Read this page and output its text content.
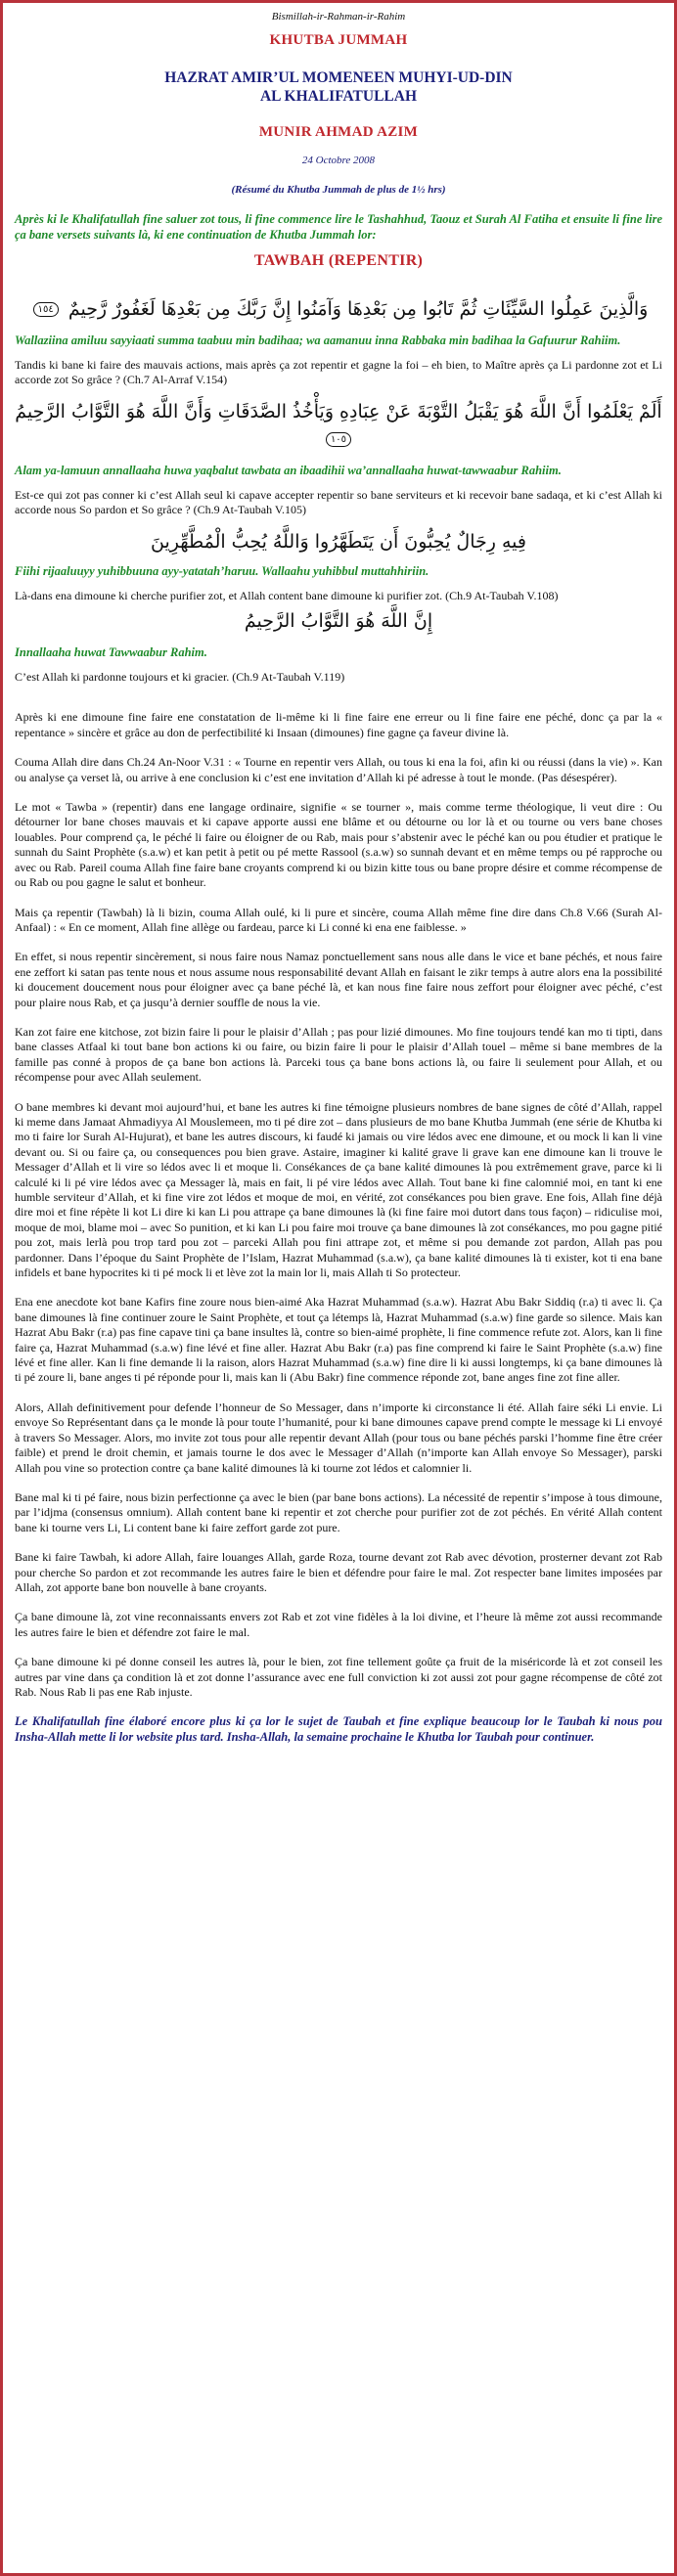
Bismillah-ir-Rahman-ir-Rahim
KHUTBA JUMMAH
HAZRAT AMIR’UL MOMENEEN MUHYI-UD-DIN
AL KHALIFATULLAH
MUNIR AHMAD AZIM
24 Octobre 2008
(Résumé du Khutba Jummah de plus de 1½ hrs)
Après ki le Khalifatullah fine saluer zot tous, li fine commence lire le Tashahhud, Taouz et Surah Al Fatiha et ensuite li fine lire ça bane versets suivants là, ki ene continuation de Khutba Jummah lor:
TAWBAH (REPENTIR)
وَالَّذِينَ عَمِلُوا السَّيِّئَاتِ ثُمَّ تَابُوا مِن بَعْدِهَا وَآمَنُوا إِنَّ رَبَّكَ مِن بَعْدِهَا لَغَفُورٌ رَّحِيمٌ ١٥٤
Wallaziina amiluu sayyiaati summa taabuu min badihaa; wa aamanuu inna Rabbaka min badihaa la Gafuurur Rahiim.

Tandis ki bane ki faire des mauvais actions, mais après ça zot repentir et gagne la foi – eh bien, to Maître après ça Li pardonne zot et Li accorde zot So grâce ? (Ch.7 Al-Arraf V.154)

أَلَمْ يَعْلَمُوا أَنَّ اللَّهَ هُوَ يَقْبَلُ التَّوْبَةَ عَنْ عِبَادِهِ وَيَأْخُذُ الصَّدَقَاتِ وَأَنَّ اللَّهَ هُوَ التَّوَّابُ الرَّحِيمُ ١٠٥
Alam ya-lamuun annallaaha huwa yaqbalut tawbata an ibaadihii wa’annallaaha huwat-tawwaabur Rahiim.

Est-ce qui zot pas conner ki c’est Allah seul ki capave accepter repentir so bane serviteurs et ki recevoir bane sadaqa, et ki c’est Allah ki accorde nous So pardon et So grâce ? (Ch.9 At-Taubah V.105)

فِيهِ رِجَالٌ يُحِبُّونَ أَن يَتَطَهَّرُوا وَاللَّهُ يُحِبُّ الْمُطَّهِّرِينَ
Fiihi rijaaluuyy yuhibbuuna ayy-yatatah’haruu. Wallaahu yuhibbul muttahhiriin.

Là-dans ena dimoune ki cherche purifier zot, et Allah content bane dimoune ki purifier zot. (Ch.9 At-Taubah V.108)

إِنَّ اللَّهَ هُوَ التَّوَّابُ الرَّحِيمُ
Innallaaha huwat Tawwaabur Rahim.

C’est Allah ki pardonne toujours et ki gracier. (Ch.9 At-Taubah V.119)

Après ki ene dimoune fine faire ene constatation de li-même ki li fine faire ene erreur ou li fine faire ene péché, donc ça par la « repentance » sincère et grâce au don de perfectibilité ki Insaan (dimounes) fine gagne ça faveur divine là.

Couma Allah dire dans Ch.24 An-Noor V.31 : « Tourne en repentir vers Allah, ou tous ki ena la foi, afin ki ou réussi (dans la vie) ». Kan ou analyse ça verset là, ou arrive à ene conclusion ki c’est ene invitation d’Allah ki pé adresse à tout le monde. (Pas désespérer).

Le mot « Tawba » (repentir) dans ene langage ordinaire, signifie « se tourner », mais comme terme théologique, li veut dire : Ou détourner lor bane choses mauvais et ki capave apporte aussi ene blâme et ou détourne ou lor là et ou tourne ou vers bane choses louables. Pour comprend ça, le péché li faire ou éloigner de ou Rab, mais pour s’abstenir avec le péché kan ou pou étudier et pratique le sunnah du Saint Prophète (s.a.w) et kan petit à petit ou pé mette Rassool (s.a.w) so sunnah devant et en même temps ou pé rapproche ou avec ou Rab. Pareil couma Allah fine faire bane croyants comprend ki ou bizin kitte tous ou bane propre désire et comme récompense de ou Rab ou pou gagne le salut et bonheur.

Mais ça repentir (Tawbah) là li bizin, couma Allah oulé, ki li pure et sincère, couma Allah même fine dire dans Ch.8 V.66 (Surah Al-Anfaal) : « En ce moment, Allah fine allège ou fardeau, parce ki Li conné ki ena ene faiblesse. »

En effet, si nous repentir sincèrement, si nous faire nous Namaz ponctuellement sans nous alle dans le vice et bane péchés, et nous faire ene zeffort ki satan pas tente nous et nous assume nous responsabilité devant Allah en faisant le zikr temps à autre alors ena la possibilité ki doucement doucement nous pour éloigner avec ça bane péché là, et kan nous fine faire nous zeffort pour éloigner avec péché, c’est pour plaire nous Rab, et ça jusqu’à dernier souffle de nous la vie.

Kan zot faire ene kitchose, zot bizin faire li pour le plaisir d’Allah ; pas pour lizié dimounes. Mo fine toujours tendé kan mo ti tipti, dans bane classes Atfaal ki tout bane bon actions ki ou faire, ou bizin faire li pour le plaisir d’Allah touel – même si bane membres de la famille pas conné à propos de ça bane bon actions là. Parceki tous ça bane bons actions là, ou faire li seulement pour Allah, et ou récompense pour avec Allah seulement.

O bane membres ki devant moi aujourd’hui, et bane les autres ki fine témoigne plusieurs nombres de bane signes de côté d’Allah, rappel ki meme dans Jamaat Ahmadiyya Al Mouslemeen, mo ti pé dire zot – dans plusieurs de mo bane Khutba Jummah (ene série de Khutba ki mo ti faire lor Surah Al-Hujurat), et bane les autres discours, ki faudé ki jamais ou vire lédos avec ene dimoune, et ou mock li kan li vine devant ou. Si ou faire ça, ou consequences pou bien grave. Astaire, imaginer ki kalité grave li grave kan ene dimoune kan li trouve le Messager d’Allah et li vire so lédos avec li et moque li. Consékances de ça bane kalité dimounes là pou extrêmement grave, parce ki li calculé ki li pé vire lédos avec ça Messager là, mais en fait, li pé vire lédos avec Allah. Tout bane ki fine calomnié moi, en tant ki ene humble serviteur d’Allah, et ki fine vire zot lédos et moque de moi, en vérité, zot consékances pou bien grave. Ene fois, Allah fine déjà dire moi et fine répète li kot Li dire ki kan Li pou attrape ça bane dimounes là (ki fine faire moi dutort dans tous façon) – ridiculise moi, moque de moi, blame moi – avec So punition, et ki kan Li pou faire moi trouve ça bane dimounes là zot consékances, mo pou gagne pitié pou zot, mais lerlà pou trop tard pou zot – parceki Allah pou fini attrape zot, et même si pou demande zot pardon, Allah pas pou pardonner. Dans l’époque du Saint Prophète de l’Islam, Hazrat Muhammad (s.a.w), ça bane kalité dimounes là ti exister, kot ti ena bane infidels et bane hypocrites ki ti pé mock li et lève zot la main lor li, mais Allah ti So protecteur.

Ena ene anecdote kot bane Kafirs fine zoure nous bien-aimé Aka Hazrat Muhammad (s.a.w). Hazrat Abu Bakr Siddiq (r.a) ti avec li. Ça bane dimounes là fine continuer zoure le Saint Prophète, et tout ça létemps là, Hazrat Muhammad (s.a.w) fine garde so silence. Mais kan Hazrat Abu Bakr (r.a) pas fine capave tini ça bane insultes là, contre so bien-aimé prophète, li fine commence refute zot. Alors, kan li fine faire ça, Hazrat Muhammad (s.a.w) fine lévé et fine aller. Hazrat Abu Bakr (r.a) pas fine comprend ki faire le Saint Prophète (s.a.w) fine lévé et fine aller. Kan li fine demande li la raison, alors Hazrat Muhammad (s.a.w) fine dire li ki aussi longtemps, ki ça bane dimounes là ti pé zoure li, bane anges ti pé réponde pour li, mais kan li (Abu Bakr) fine commence réponde zot, bane anges fine zot fine aller.

Alors, Allah definitivement pour defende l’honneur de So Messager, dans n’importe ki circonstance li été. Allah faire séki Li envie. Li envoye So Représentant dans ça le monde là pour toute l’humanité, pour ki bane dimounes capave prend compte le message ki Li envoyé à travers So Messager. Alors, mo invite zot tous pour alle repentir devant Allah (pour tous ou bane péchés parski l’homme fine être créer faible) et prend le droit chemin, et jamais tourne le dos avec le Messager d’Allah (n’importe kan Allah envoye So Messager), parski Allah pou vine so protection contre ça bane kalité dimounes là ki tourne zot lédos et calomnier li.

Bane mal ki ti pé faire, nous bizin perfectionne ça avec le bien (par bane bons actions). La nécessité de repentir s’impose à tous dimoune, par l’idjma (consensus omnium). Allah content bane ki repentir et zot cherche pour purifier zot de zot péchés. En vérité Allah content bane ki tourne vers Li, Li content bane ki faire zeffort garde zot pure.

Bane ki faire Tawbah, ki adore Allah, faire louanges Allah, garde Roza, tourne devant zot Rab avec dévotion, prosterner devant zot Rab pour cherche So pardon et zot recommande les autres faire le bien et défendre pour faire le mal. Zot respecter bane limites imposées par Allah, zot apporte bane bon nouvelle à bane croyants.

Ça bane dimoune là, zot vine reconnaissants envers zot Rab et zot vine fidèles à la loi divine, et l’heure là même zot aussi recommande les autres faire le bien et défendre zot faire le mal.

Ça bane dimoune ki pé donne conseil les autres là, pour le bien, zot fine tellement goûte ça fruit de la miséricorde là et zot conseil les autres par vine dans ça condition là et zot donne l’assurance avec ene full conviction ki zot aussi zot pour gagne récompense de côté zot Rab. Nous Rab li pas ene Rab injuste.

Le Khalifatullah fine élaboré encore plus ki ça lor le sujet de Taubah et fine explique beaucoup lor le Taubah ki nous pou Insha-Allah mette li lor website plus tard. Insha-Allah, la semaine prochaine le Khutba lor Taubah pour continuer.
